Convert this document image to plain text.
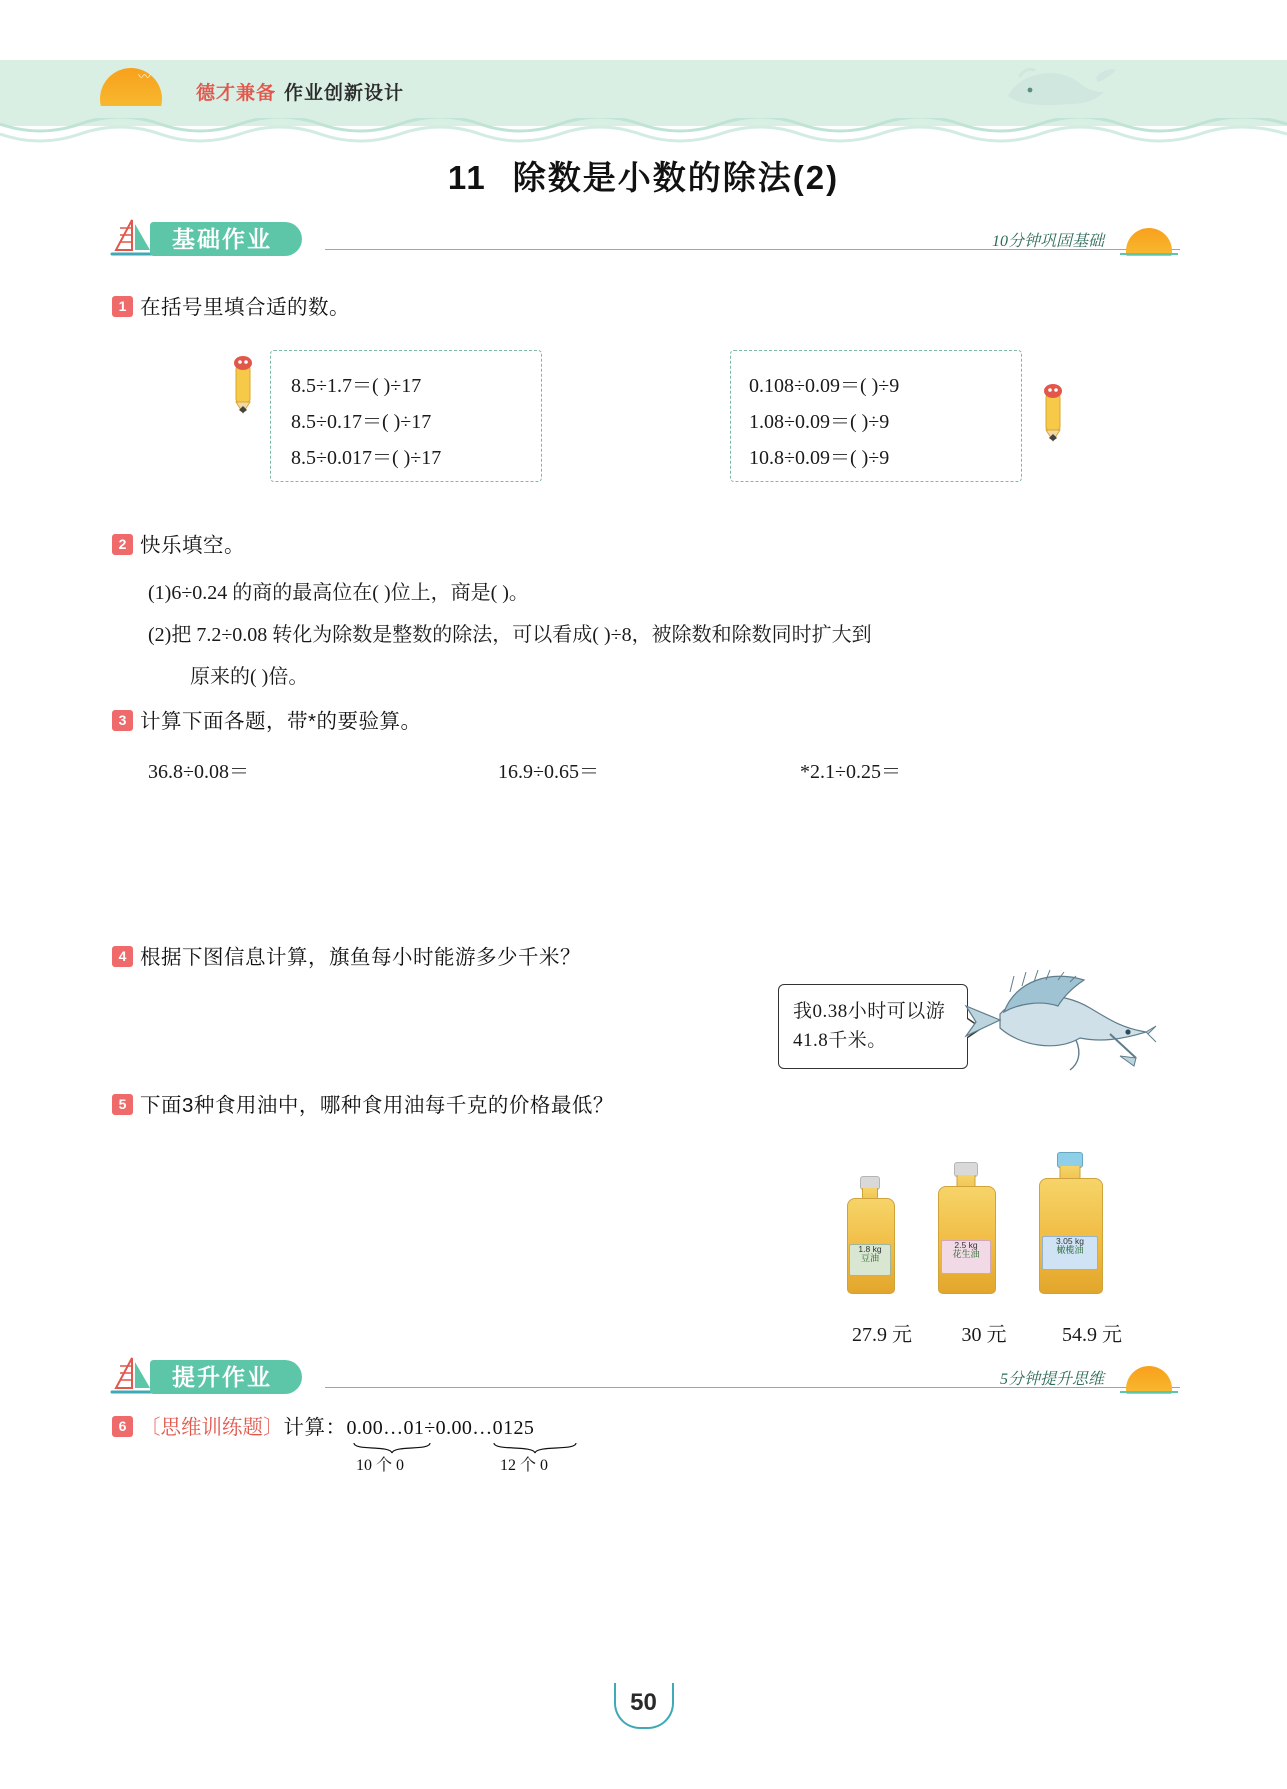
〰
德才兼备 作业创新设计
11 除数是小数的除法(2)
基础作业	10分钟巩固基础
1 在括号里填合适的数。
8.5÷1.7＝( )÷17
8.5÷0.17＝( )÷17
8.5÷0.017＝( )÷17
0.108÷0.09＝( )÷9
1.08÷0.09＝( )÷9
10.8÷0.09＝( )÷9
2 快乐填空。
(1)6÷0.24 的商的最高位在( )位上，商是( )。
(2)把 7.2÷0.08 转化为除数是整数的除法，可以看成( )÷8，被除数和除数同时扩大到
原来的( )倍。
3 计算下面各题，带*的要验算。
36.8÷0.08＝	16.9÷0.65＝	*2.1÷0.25＝
4 根据下图信息计算，旗鱼每小时能游多少千米？
我0.38小时可以游41.8千米。
5 下面3种食用油中，哪种食用油每千克的价格最低？
1.8 kg
豆油
2.5 kg
花生油
3.05 kg
橄榄油
27.9 元	30 元	54.9 元
提升作业	5分钟提升思维
6 〔思维训练题〕计算：0.00…01÷0.00…0125
10 个 0	12 个 0
50
